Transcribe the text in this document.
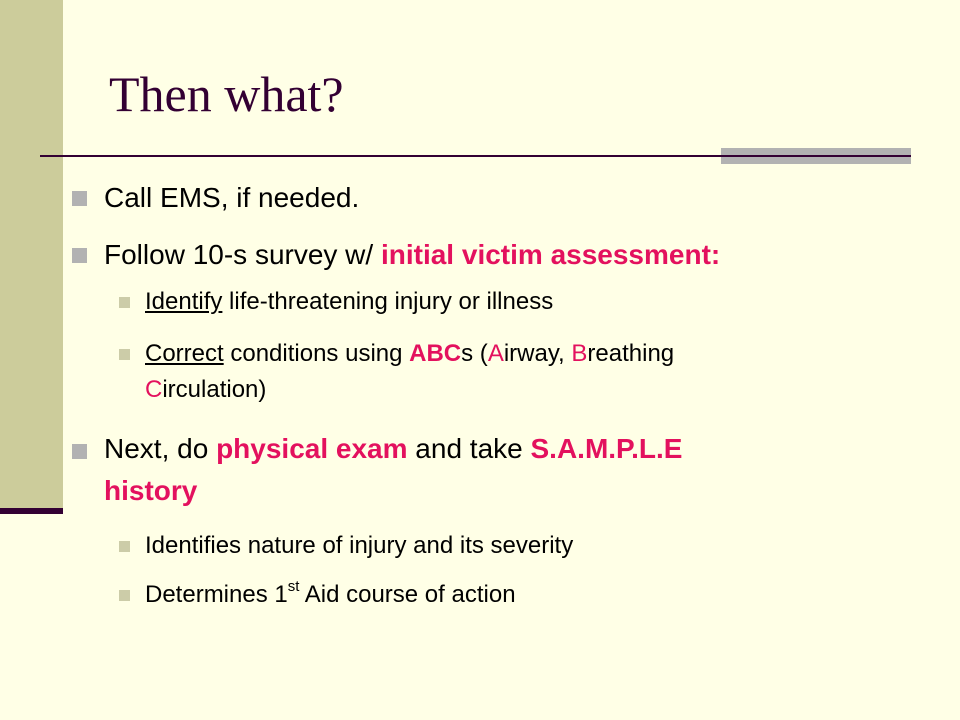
Then what?

Call EMS, if needed.

Follow 10-s survey w/ initial victim assessment:

Identify life-threatening injury or illness

Correct conditions using ABCs (Airway, Breathing

Circulation)

Next, do physical exam and take S.A.M.P.L.E

history

Identifies nature of injury and its severity

Determines 1st Aid course of action
